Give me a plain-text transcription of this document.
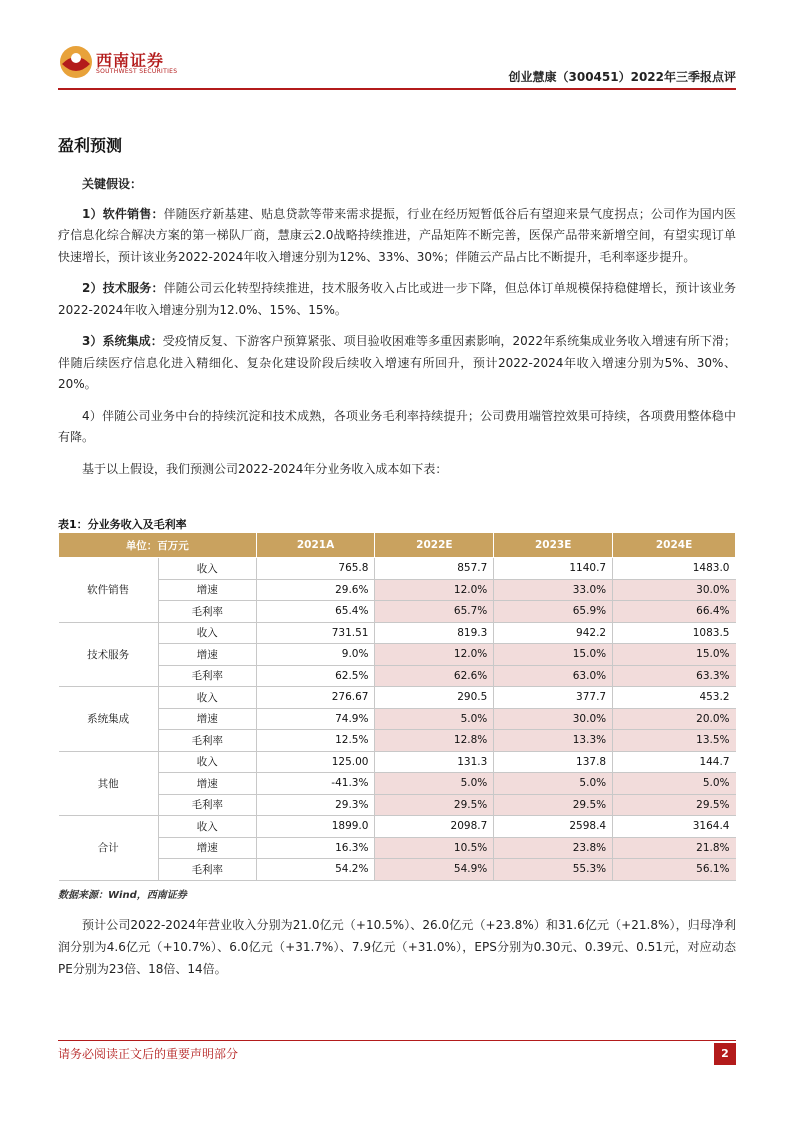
西南证券
SOUTHWEST SECURITIES	创业慧康（300451）2022年三季报点评
盈利预测

关键假设：

1）软件销售：伴随医疗新基建、贴息贷款等带来需求提振，行业在经历短暂低谷后有望迎来景气度拐点；公司作为国内医疗信息化综合解决方案的第一梯队厂商，慧康云2.0战略持续推进，产品矩阵不断完善，医保产品带来新增空间，有望实现订单快速增长，预计该业务2022-2024年收入增速分别为12%、33%、30%；伴随云产品占比不断提升，毛利率逐步提升。

2）技术服务：伴随公司云化转型持续推进，技术服务收入占比或进一步下降，但总体订单规模保持稳健增长，预计该业务2022-2024年收入增速分别为12.0%、15%、15%。

3）系统集成：受疫情反复、下游客户预算紧张、项目验收困难等多重因素影响，2022年系统集成业务收入增速有所下滑；伴随后续医疗信息化进入精细化、复杂化建设阶段后续收入增速有所回升，预计2022-2024年收入增速分别为5%、30%、20%。

4）伴随公司业务中台的持续沉淀和技术成熟，各项业务毛利率持续提升；公司费用端管控效果可持续，各项费用整体稳中有降。

基于以上假设，我们预测公司2022-2024年分业务收入成本如下表：

表1：分业务收入及毛利率
单位：百万元		2021A	2022E	2023E	2024E
软件销售	收入	765.8	857.7	1140.7	1483.0
	增速	29.6%	12.0%	33.0%	30.0%
	毛利率	65.4%	65.7%	65.9%	66.4%
技术服务	收入	731.51	819.3	942.2	1083.5
	增速	9.0%	12.0%	15.0%	15.0%
	毛利率	62.5%	62.6%	63.0%	63.3%
系统集成	收入	276.67	290.5	377.7	453.2
	增速	74.9%	5.0%	30.0%	20.0%
	毛利率	12.5%	12.8%	13.3%	13.5%
其他	收入	125.00	131.3	137.8	144.7
	增速	-41.3%	5.0%	5.0%	5.0%
	毛利率	29.3%	29.5%	29.5%	29.5%
合计	收入	1899.0	2098.7	2598.4	3164.4
	增速	16.3%	10.5%	23.8%	21.8%
	毛利率	54.2%	54.9%	55.3%	56.1%
数据来源：Wind，西南证券

预计公司2022-2024年营业收入分别为21.0亿元（+10.5%）、26.0亿元（+23.8%）和31.6亿元（+21.8%），归母净利润分别为4.6亿元（+10.7%）、6.0亿元（+31.7%）、7.9亿元（+31.0%），EPS分别为0.30元、0.39元、0.51元，对应动态PE分别为23倍、18倍、14倍。

请务必阅读正文后的重要声明部分	2
